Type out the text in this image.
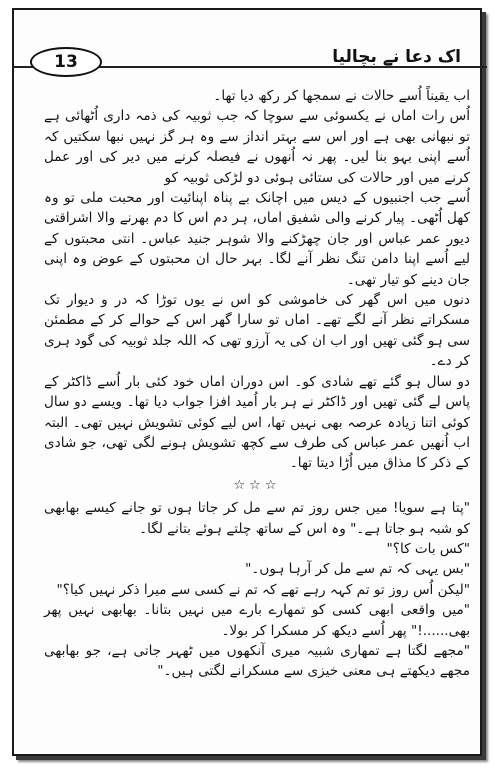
13	اک دعا نے بچالیا

اب یقیناً اُسے حالات نے سمجھا کر رکھ دیا تھا۔

اُس رات اماں نے یکسوئی سے سوچا کہ جب ثوبیہ کی ذمہ داری اُٹھائی ہے تو نبھانی بھی ہے اور اس سے بہتر انداز سے وہ ہر گز نہیں نبھا سکتیں کہ اُسے اپنی بہو بنا لیں۔ پھر نہ اُنھوں نے فیصلہ کرنے میں دیر کی اور عمل کرنے میں اور حالات کی ستائی ہوئی دو لڑکی ثوبیہ کو

اُسے جب اجنبیوں کے دیس میں اچانک بے پناہ اپنائیت اور محبت ملی تو وہ کھل اُٹھی۔ پیار کرنے والی شفیق اماں، ہر دم اس کا دم بھرنے والا اشراقتی دیور عمر عباس اور جان چھڑکنے والا شوہر جنید عباس۔ انتی محبتوں کے لیے اُسے اپنا دامن تنگ نظر آنے لگا۔ بہر حال ان محبتوں کے عوض وہ اپنی جان دینے کو تیار تھی۔

دنوں میں اس گھر کی خاموشی کو اس نے یوں توڑا کہ در و دیوار تک مسکراتے نظر آنے لگے تھے۔ اماں تو سارا گھر اس کے حوالے کر کے مطمئن سی ہو گئی تھیں اور اب ان کی یہ آرزو تھی کہ اللہ جلد ثوبیہ کی گود ہری کر دے۔

دو سال ہو گئے تھے شادی کو۔ اس دوران اماں خود کئی بار اُسے ڈاکٹر کے پاس لے گئی تھیں اور ڈاکٹر نے ہر بار اُمید افزا جواب دیا تھا۔ ویسے دو سال کوئی اتنا زیادہ عرصہ بھی نہیں تھا، اس لیے کوئی تشویش نہیں تھی۔ البتہ اب اُنھیں عمر عباس کی طرف سے کچھ تشویش ہونے لگی تھی، جو شادی کے ذکر کا مذاق میں اُڑا دیتا تھا۔

☆☆☆

"پتا ہے سویا! میں جس روز تم سے مل کر جاتا ہوں تو جانے کیسے بھابھی کو شبہ ہو جاتا ہے۔" وہ اس کے ساتھ چلتے ہوئے بتانے لگا۔

"کس بات کا؟"

"بس یہی کہ تم سے مل کر آرہا ہوں۔"

"لیکن اُس روز تو تم کہہ رہے تھے کہ تم نے کسی سے میرا ذکر نہیں کیا؟"

"میں واقعی ابھی کسی کو تمھارے بارے میں نہیں بتانا۔ بھابھی نہیں پھر بھی......!" پھر اُسے دیکھ کر مسکرا کر بولا۔

"مجھے لگتا ہے تمھاری شبیہ میری آنکھوں میں ٹھہر جاتی ہے، جو بھابھی مجھے دیکھتے ہی معنی خیزی سے مسکرانے لگتی ہیں۔"
